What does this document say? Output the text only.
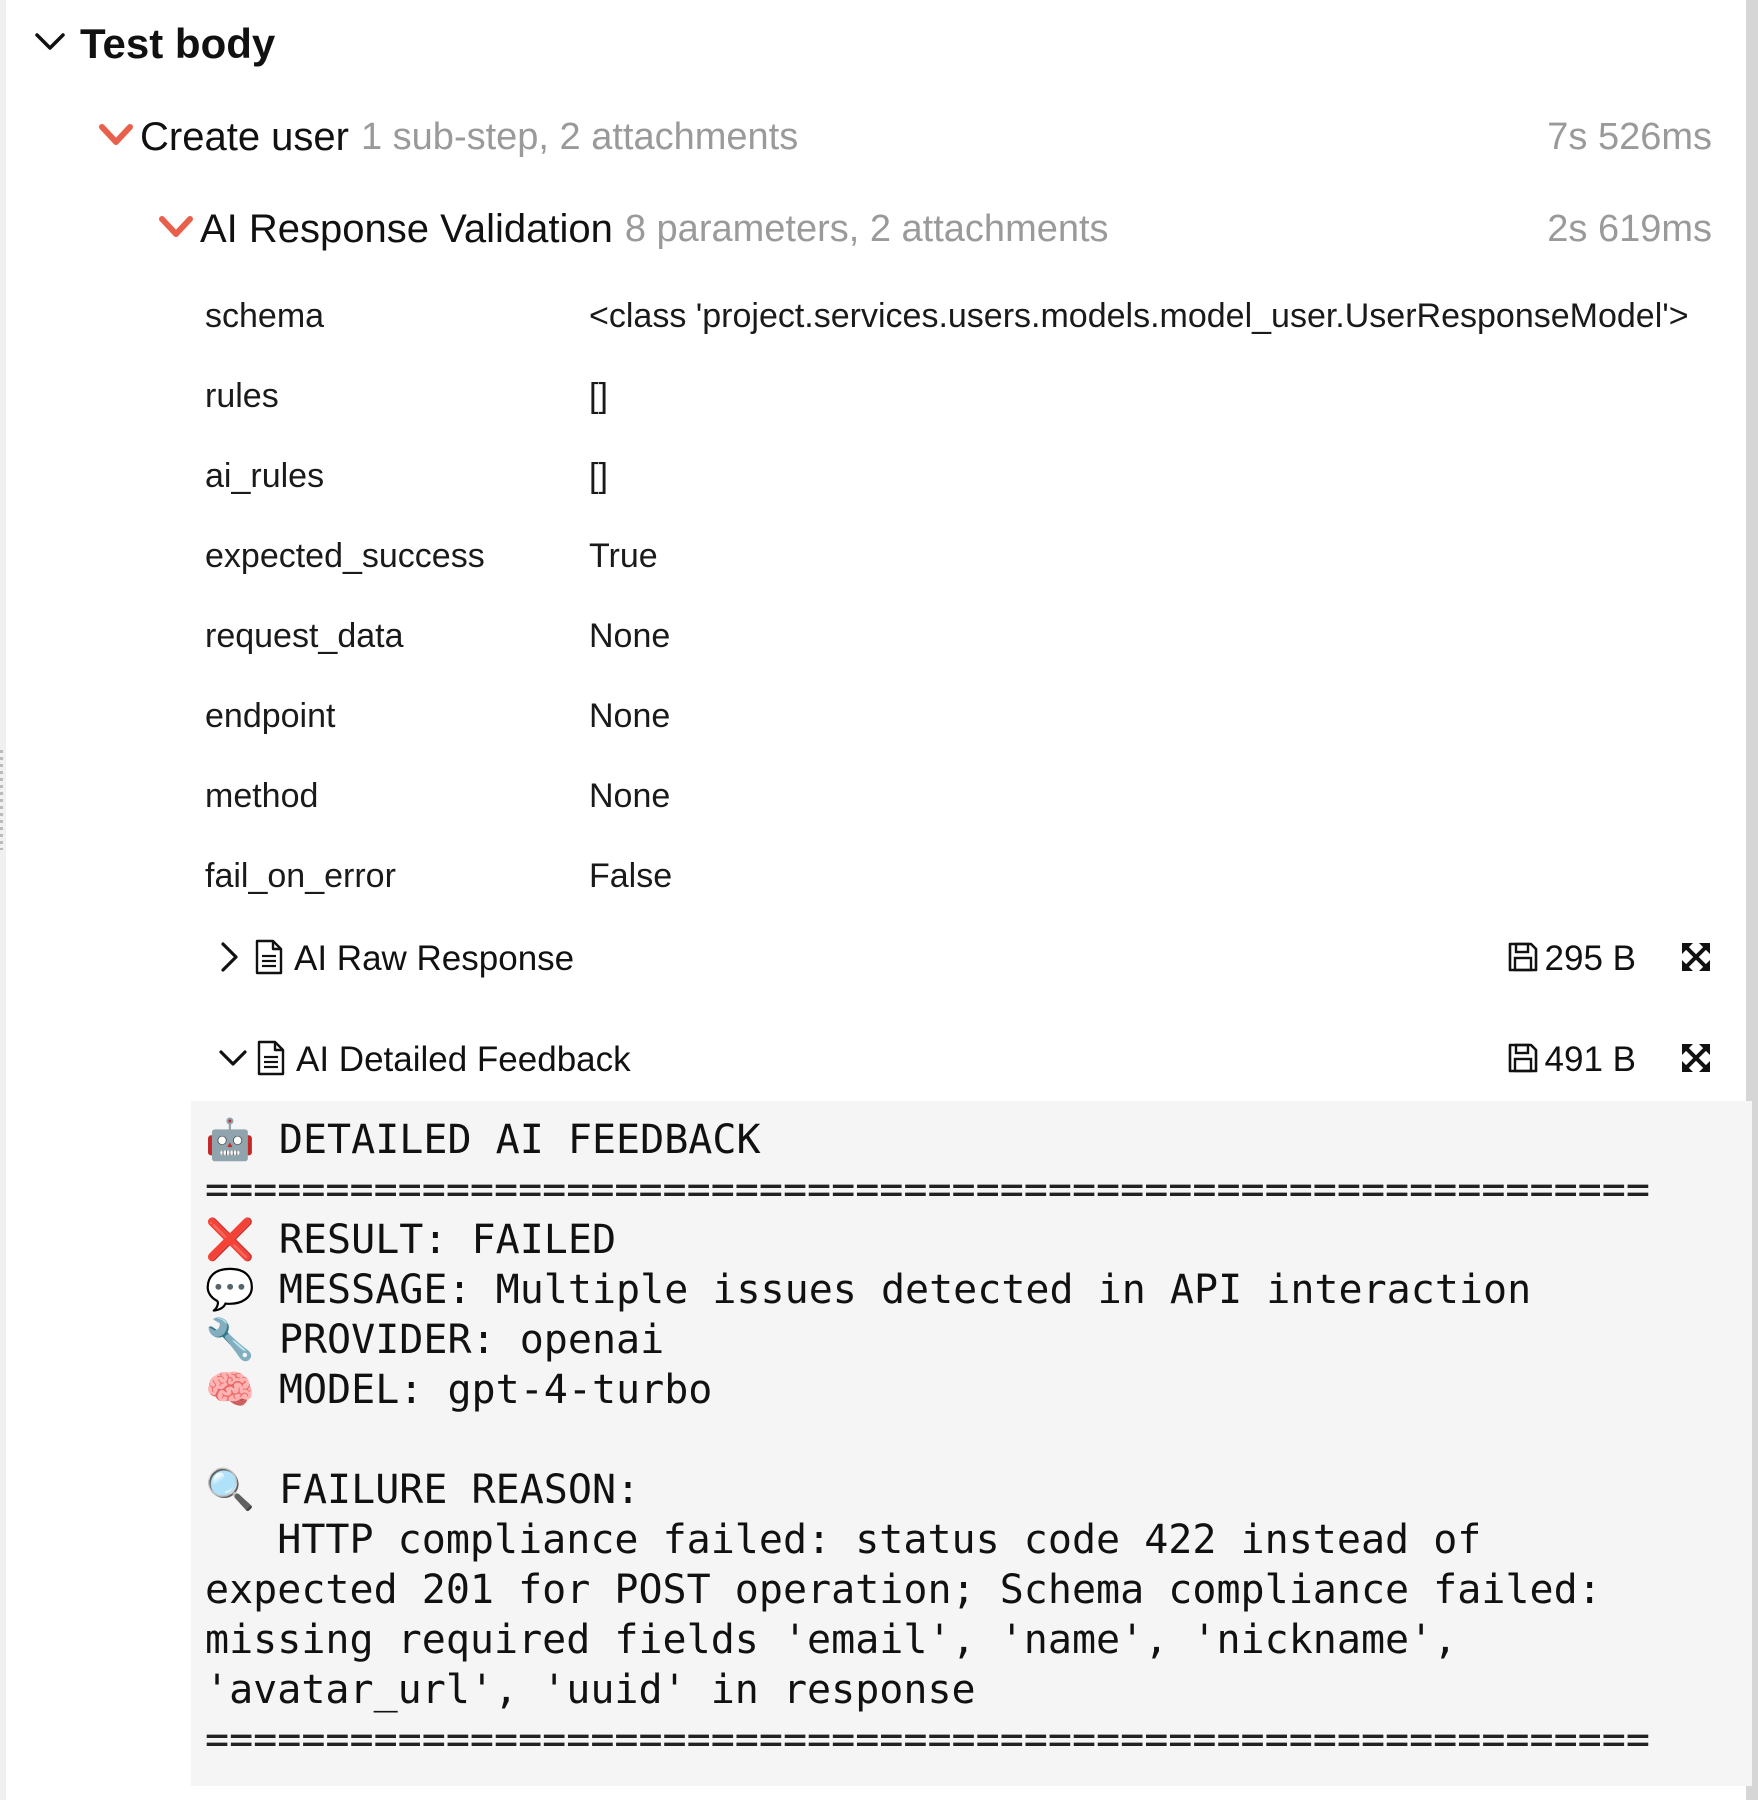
Test body
Create user 1 sub-step, 2 attachments	7s 526ms
AI Response Validation 8 parameters, 2 attachments	2s 619ms
schema	<class 'project.services.users.models.model_user.UserResponseModel'>
rules	[]
ai_rules	[]
expected_success	True
request_data	None
endpoint	None
method	None
fail_on_error	False
AI Raw Response	295 B
AI Detailed Feedback	491 B
🤖 DETAILED AI FEEDBACK
============================================================
❌ RESULT: FAILED
💬 MESSAGE: Multiple issues detected in API interaction
🔧 PROVIDER: openai
🧠 MODEL: gpt-4-turbo
🔍 FAILURE REASON:
HTTP compliance failed: status code 422 instead of expected 201 for POST operation; Schema compliance failed: missing required fields 'email', 'name', 'nickname', 'avatar_url', 'uuid' in response
============================================================
